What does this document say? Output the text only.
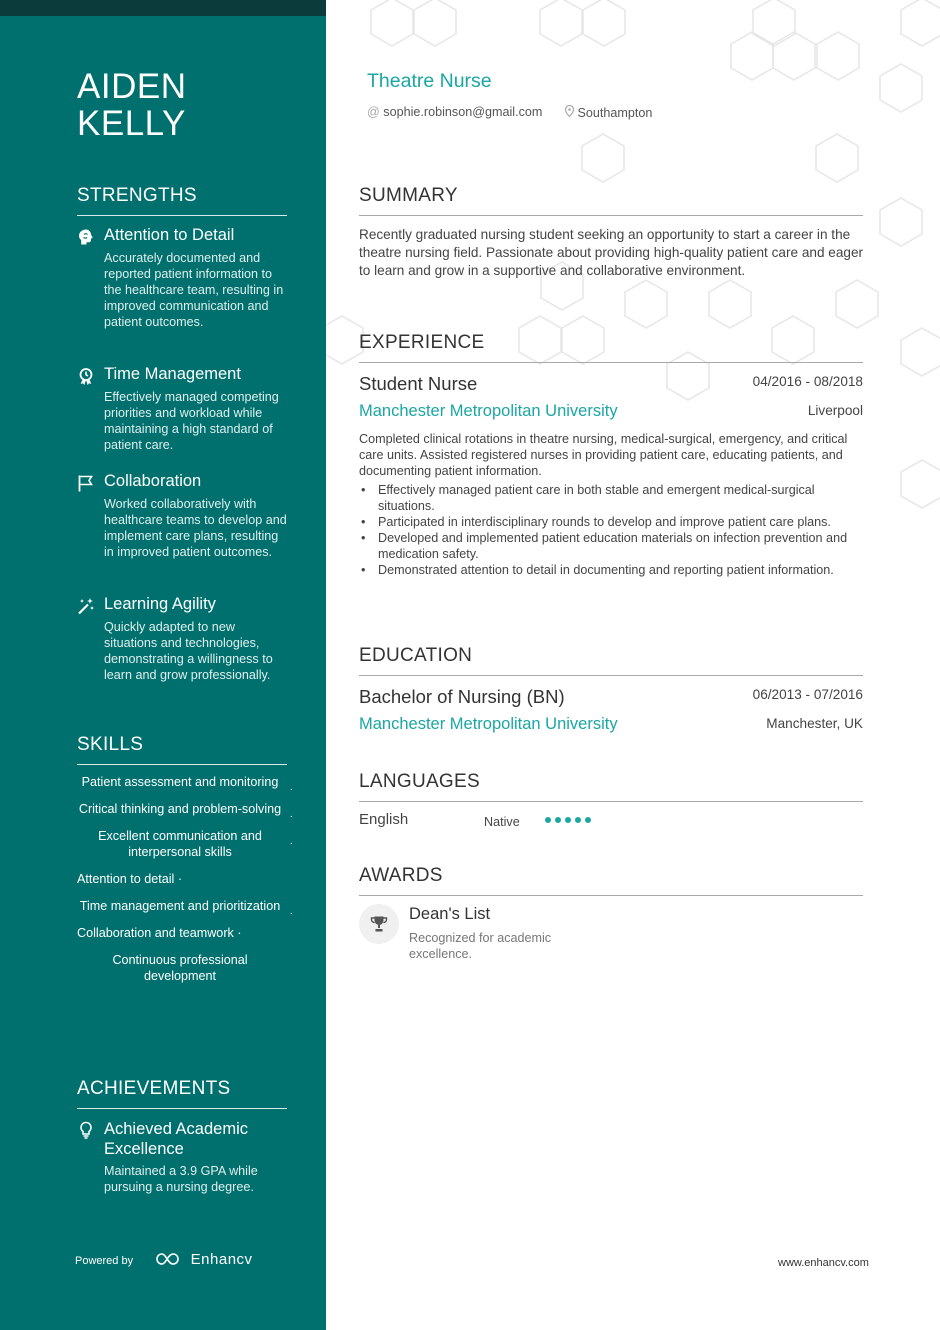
AIDEN
KELLY
STRENGTHS
Attention to Detail
Accurately documented and reported patient information to the healthcare team, resulting in improved communication and patient outcomes.
Time Management
Effectively managed competing priorities and workload while maintaining a high standard of patient care.
Collaboration
Worked collaboratively with healthcare teams to develop and implement care plans, resulting in improved patient outcomes.
Learning Agility
Quickly adapted to new situations and technologies, demonstrating a willingness to learn and grow professionally.
SKILLS
Patient assessment and monitoring
·
Critical thinking and problem-solving
·
Excellent communication and interpersonal skills
·
Attention to detail ·
Time management and prioritization
·
Collaboration and teamwork ·
Continuous professional development
ACHIEVEMENTS
Achieved Academic Excellence
Maintained a 3.9 GPA while pursuing a nursing degree.
Powered by	Enhancv
Theatre Nurse
@ sophie.robinson@gmail.com	Southampton
SUMMARY
Recently graduated nursing student seeking an opportunity to start a career in the theatre nursing field. Passionate about providing high-quality patient care and eager to learn and grow in a supportive and collaborative environment.
EXPERIENCE
Student Nurse	04/2016 - 08/2018
Manchester Metropolitan University	Liverpool
Completed clinical rotations in theatre nursing, medical-surgical, emergency, and critical care units. Assisted registered nurses in providing patient care, educating patients, and documenting patient information.
• Effectively managed patient care in both stable and emergent medical-surgical situations.
• Participated in interdisciplinary rounds to develop and improve patient care plans.
• Developed and implemented patient education materials on infection prevention and medication safety.
• Demonstrated attention to detail in documenting and reporting patient information.
EDUCATION
Bachelor of Nursing (BN)	06/2013 - 07/2016
Manchester Metropolitan University	Manchester, UK
LANGUAGES
English	Native
AWARDS
Dean's List
Recognized for academic excellence.
www.enhancv.com
